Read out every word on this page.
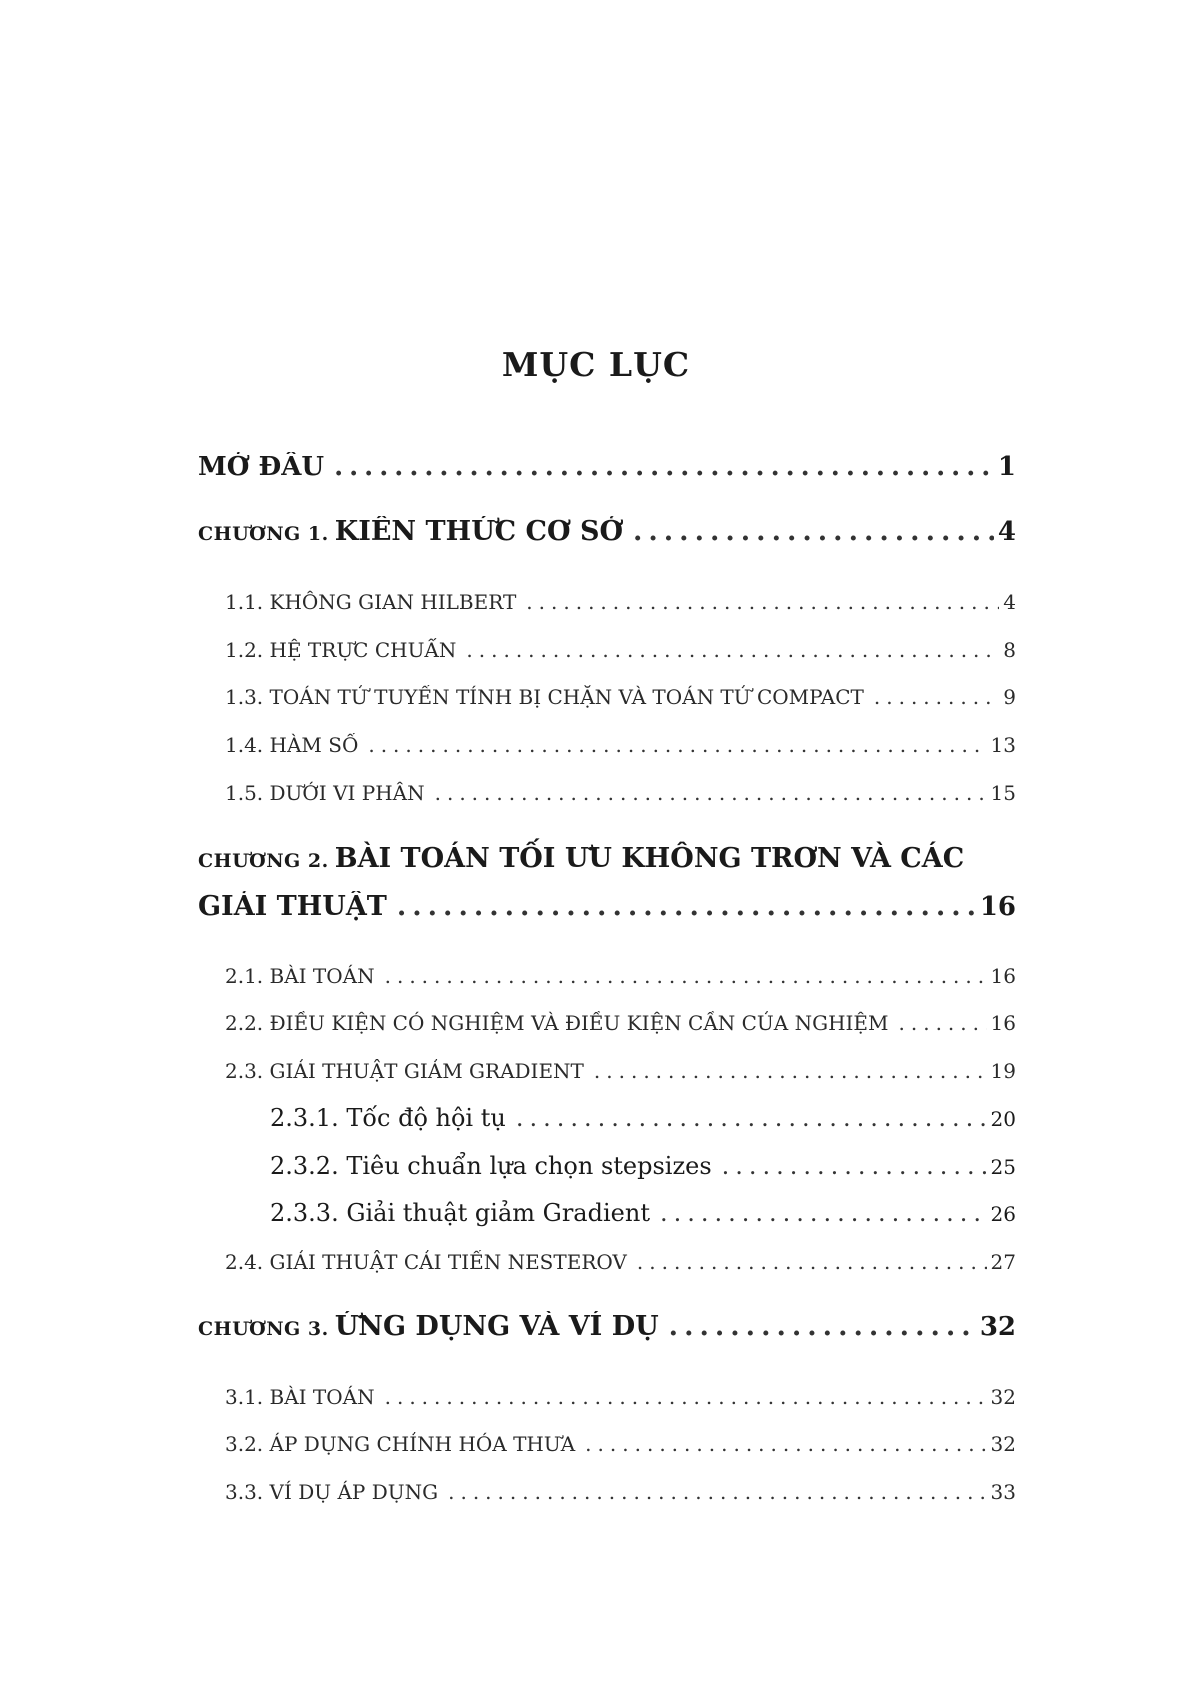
MỤC LỤC
MỞ ĐẦU .....	1
CHƯƠNG 1. KIẾN THỨC CƠ SỞ .....	4
1.1. KHÔNG GIAN HILBERT .....	4
1.2. HỆ TRỰC CHUẨN .....	8
1.3. TOÁN TỬ TUYẾN TÍNH BỊ CHẶN VÀ TOÁN TỬ COMPACT .....	9
1.4. HÀM SỐ .....	13
1.5. DƯỚI VI PHÂN .....	15
CHƯƠNG 2. BÀI TOÁN TỐI ƯU KHÔNG TRƠN VÀ CÁC
GIẢI THUẬT .....	16
2.1. BÀI TOÁN .....	16
2.2. ĐIỀU KIỆN CÓ NGHIỆM VÀ ĐIỀU KIỆN CẦN CỦA NGHIỆM .....	16
2.3. GIẢI THUẬT GIẢM GRADIENT .....	19
2.3.1. Tốc độ hội tụ .....	20
2.3.2. Tiêu chuẩn lựa chọn stepsizes .....	25
2.3.3. Giải thuật giảm Gradient .....	26
2.4. GIẢI THUẬT CẢI TIẾN NESTEROV .....	27
CHƯƠNG 3. ỨNG DỤNG VÀ VÍ DỤ .....	32
3.1. BÀI TOÁN .....	32
3.2. ÁP DỤNG CHỈNH HÓA THƯA .....	32
3.3. VÍ DỤ ÁP DỤNG .....	33
